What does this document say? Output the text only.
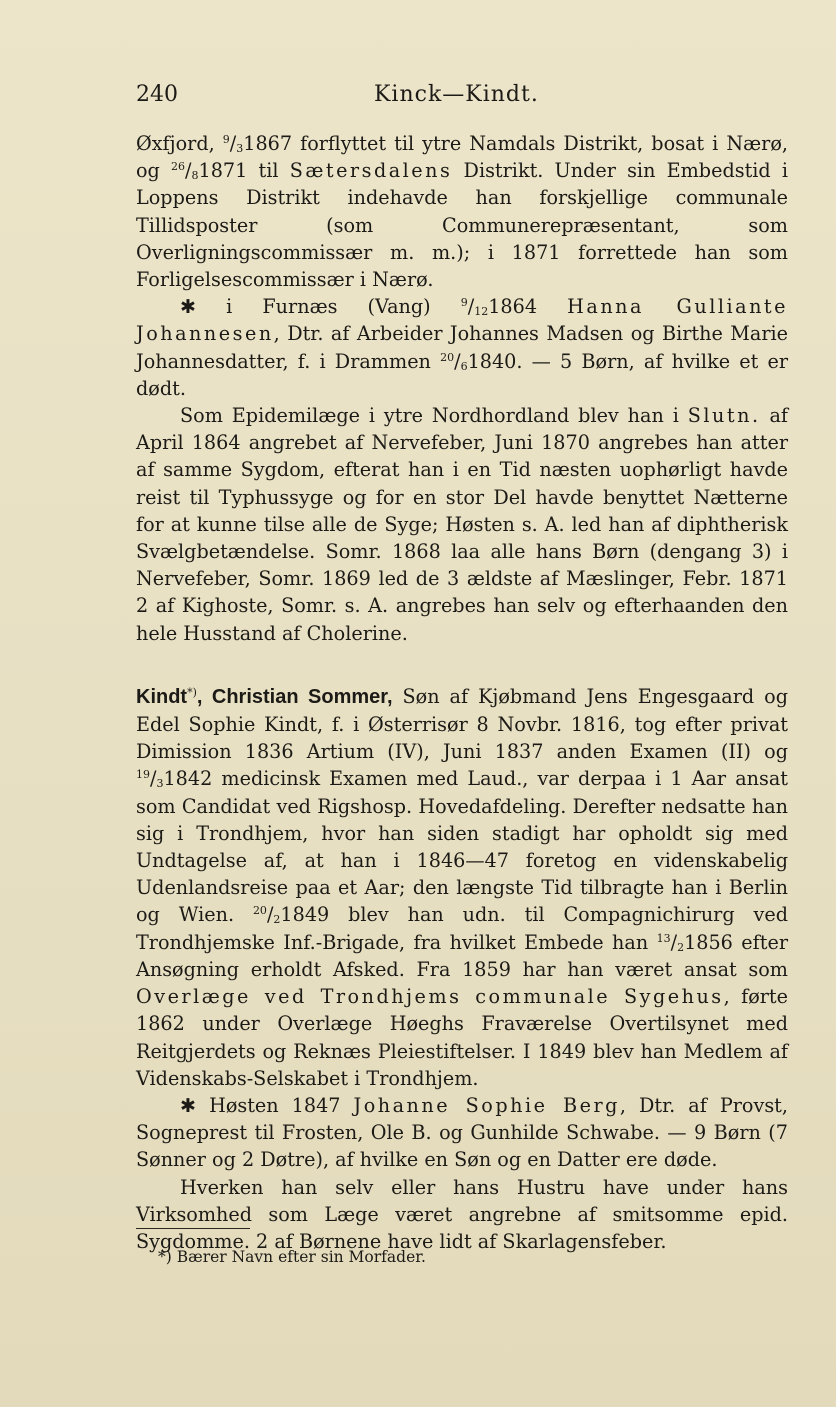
240	Kinck—Kindt.

Øxfjord, $^9/_31867$ forflyttet til ytre Namdals Distrikt, bosat i Nærø, og $^{26}/_81871$ til Sætersdalens Distrikt. Under sin Embedstid i Loppens Distrikt indehavde han forskjellige communale Tillidsposter (som Communerepræsentant, som Overligningscommissær m. m.); i 1871 forrettede han som Forligelsescommissær i Nærø.

✱ i Furnæs (Vang) $^9/_{12}1864$ Hanna Gulliante Johannesen, Dtr. af Arbeider Johannes Madsen og Birthe Marie Johannesdatter, f. i Drammen $^{20}/_61840$. — 5 Børn, af hvilke et er dødt.

Som Epidemilæge i ytre Nordhordland blev han i Slutn. af April 1864 angrebet af Nervefeber, Juni 1870 angrebes han atter af samme Sygdom, efterat han i en Tid næsten uophørligt havde reist til Typhussyge og for en stor Del havde benyttet Nætterne for at kunne tilse alle de Syge; Høsten s. A. led han af diphtherisk Svælgbetændelse. Somr. 1868 laa alle hans Børn (dengang 3) i Nervefeber, Somr. 1869 led de 3 ældste af Mæslinger, Febr. 1871 2 af Kighoste, Somr. s. A. angrebes han selv og efterhaanden den hele Husstand af Cholerine.

Kindt*), Christian Sommer, Søn af Kjøbmand Jens Engesgaard og Edel Sophie Kindt, f. i Østerrisør 8 Novbr. 1816, tog efter privat Dimission 1836 Artium (IV), Juni 1837 anden Examen (II) og $^{19}/_31842$ medicinsk Examen med Laud., var derpaa i 1 Aar ansat som Candidat ved Rigshosp. Hovedafdeling. Derefter nedsatte han sig i Trondhjem, hvor han siden stadigt har opholdt sig med Undtagelse af, at han i 1846—47 foretog en videnskabelig Udenlandsreise paa et Aar; den længste Tid tilbragte han i Berlin og Wien. $^{20}/_21849$ blev han udn. til Compagnichirurg ved Trondhjemske Inf.-Brigade, fra hvilket Embede han $^{13}/_21856$ efter Ansøgning erholdt Afsked. Fra 1859 har han været ansat som Overlæge ved Trondhjems communale Sygehus, førte 1862 under Overlæge Høeghs Fraværelse Overtilsynet med Reitgjerdets og Reknæs Pleiestiftelser. I 1849 blev han Medlem af Videnskabs-Selskabet i Trondhjem.

✱ Høsten 1847 Johanne Sophie Berg, Dtr. af Provst, Sogneprest til Frosten, Ole B. og Gunhilde Schwabe. — 9 Børn (7 Sønner og 2 Døtre), af hvilke en Søn og en Datter ere døde.

Hverken han selv eller hans Hustru have under hans Virksomhed som Læge været angrebne af smitsomme epid. Sygdomme. 2 af Børnene have lidt af Skarlagensfeber.

*) Bærer Navn efter sin Morfader.
